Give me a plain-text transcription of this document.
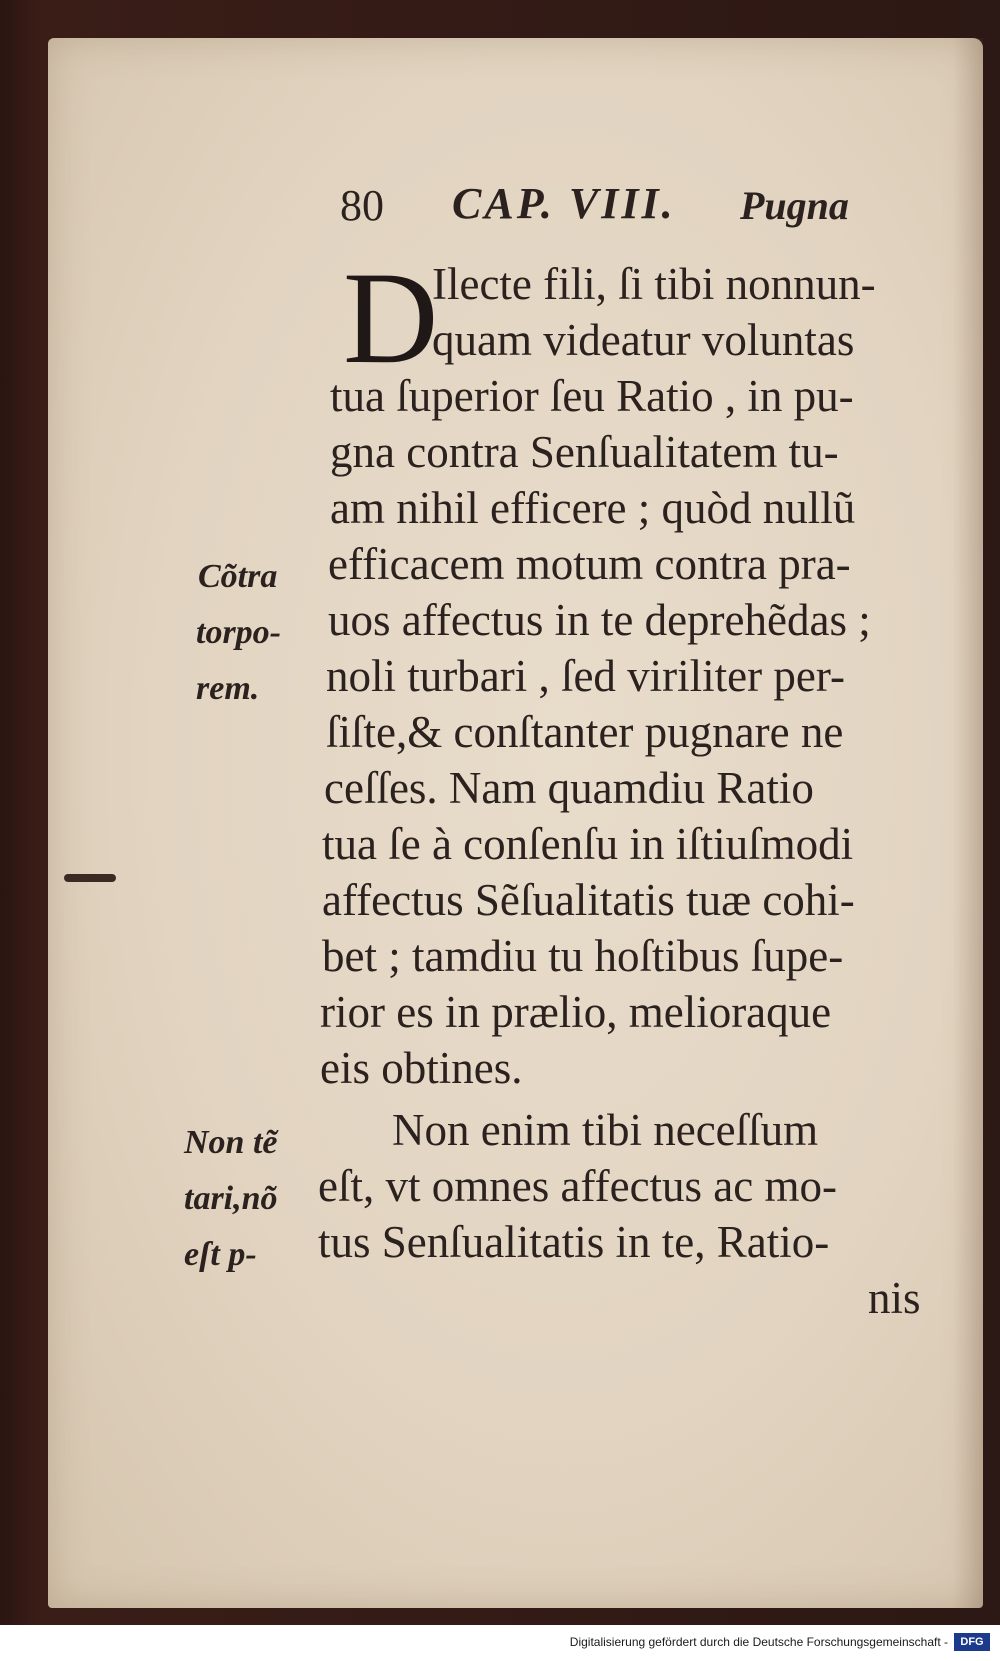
80 CAP. VIII. Pugna
D
Ilecte fili, ſi tibi nonnun-
quam videatur voluntas
tua ſuperior ſeu Ratio , in pu-
gna contra Senſualitatem tu-
am nihil efficere ; quòd nullũ
efficacem motum contra pra-
uos affectus in te deprehẽdas ;
noli turbari , ſed viriliter per-
ſiſte,& conſtanter pugnare ne
ceſſes. Nam quamdiu Ratio
tua ſe à conſenſu in iſtiuſmodi
affectus Sẽſualitatis tuæ cohi-
bet ; tamdiu tu hoſtibus ſupe-
rior es in prælio, melioraque
eis obtines.
Non enim tibi neceſſum
eſt, vt omnes affectus ac mo-
tus Senſualitatis in te, Ratio-
nis
Cõtra
torpo-
rem.
Non tẽ
tari,nõ
eſt p-
Digitalisierung gefördert durch die Deutsche Forschungsgemeinschaft -	DFG
